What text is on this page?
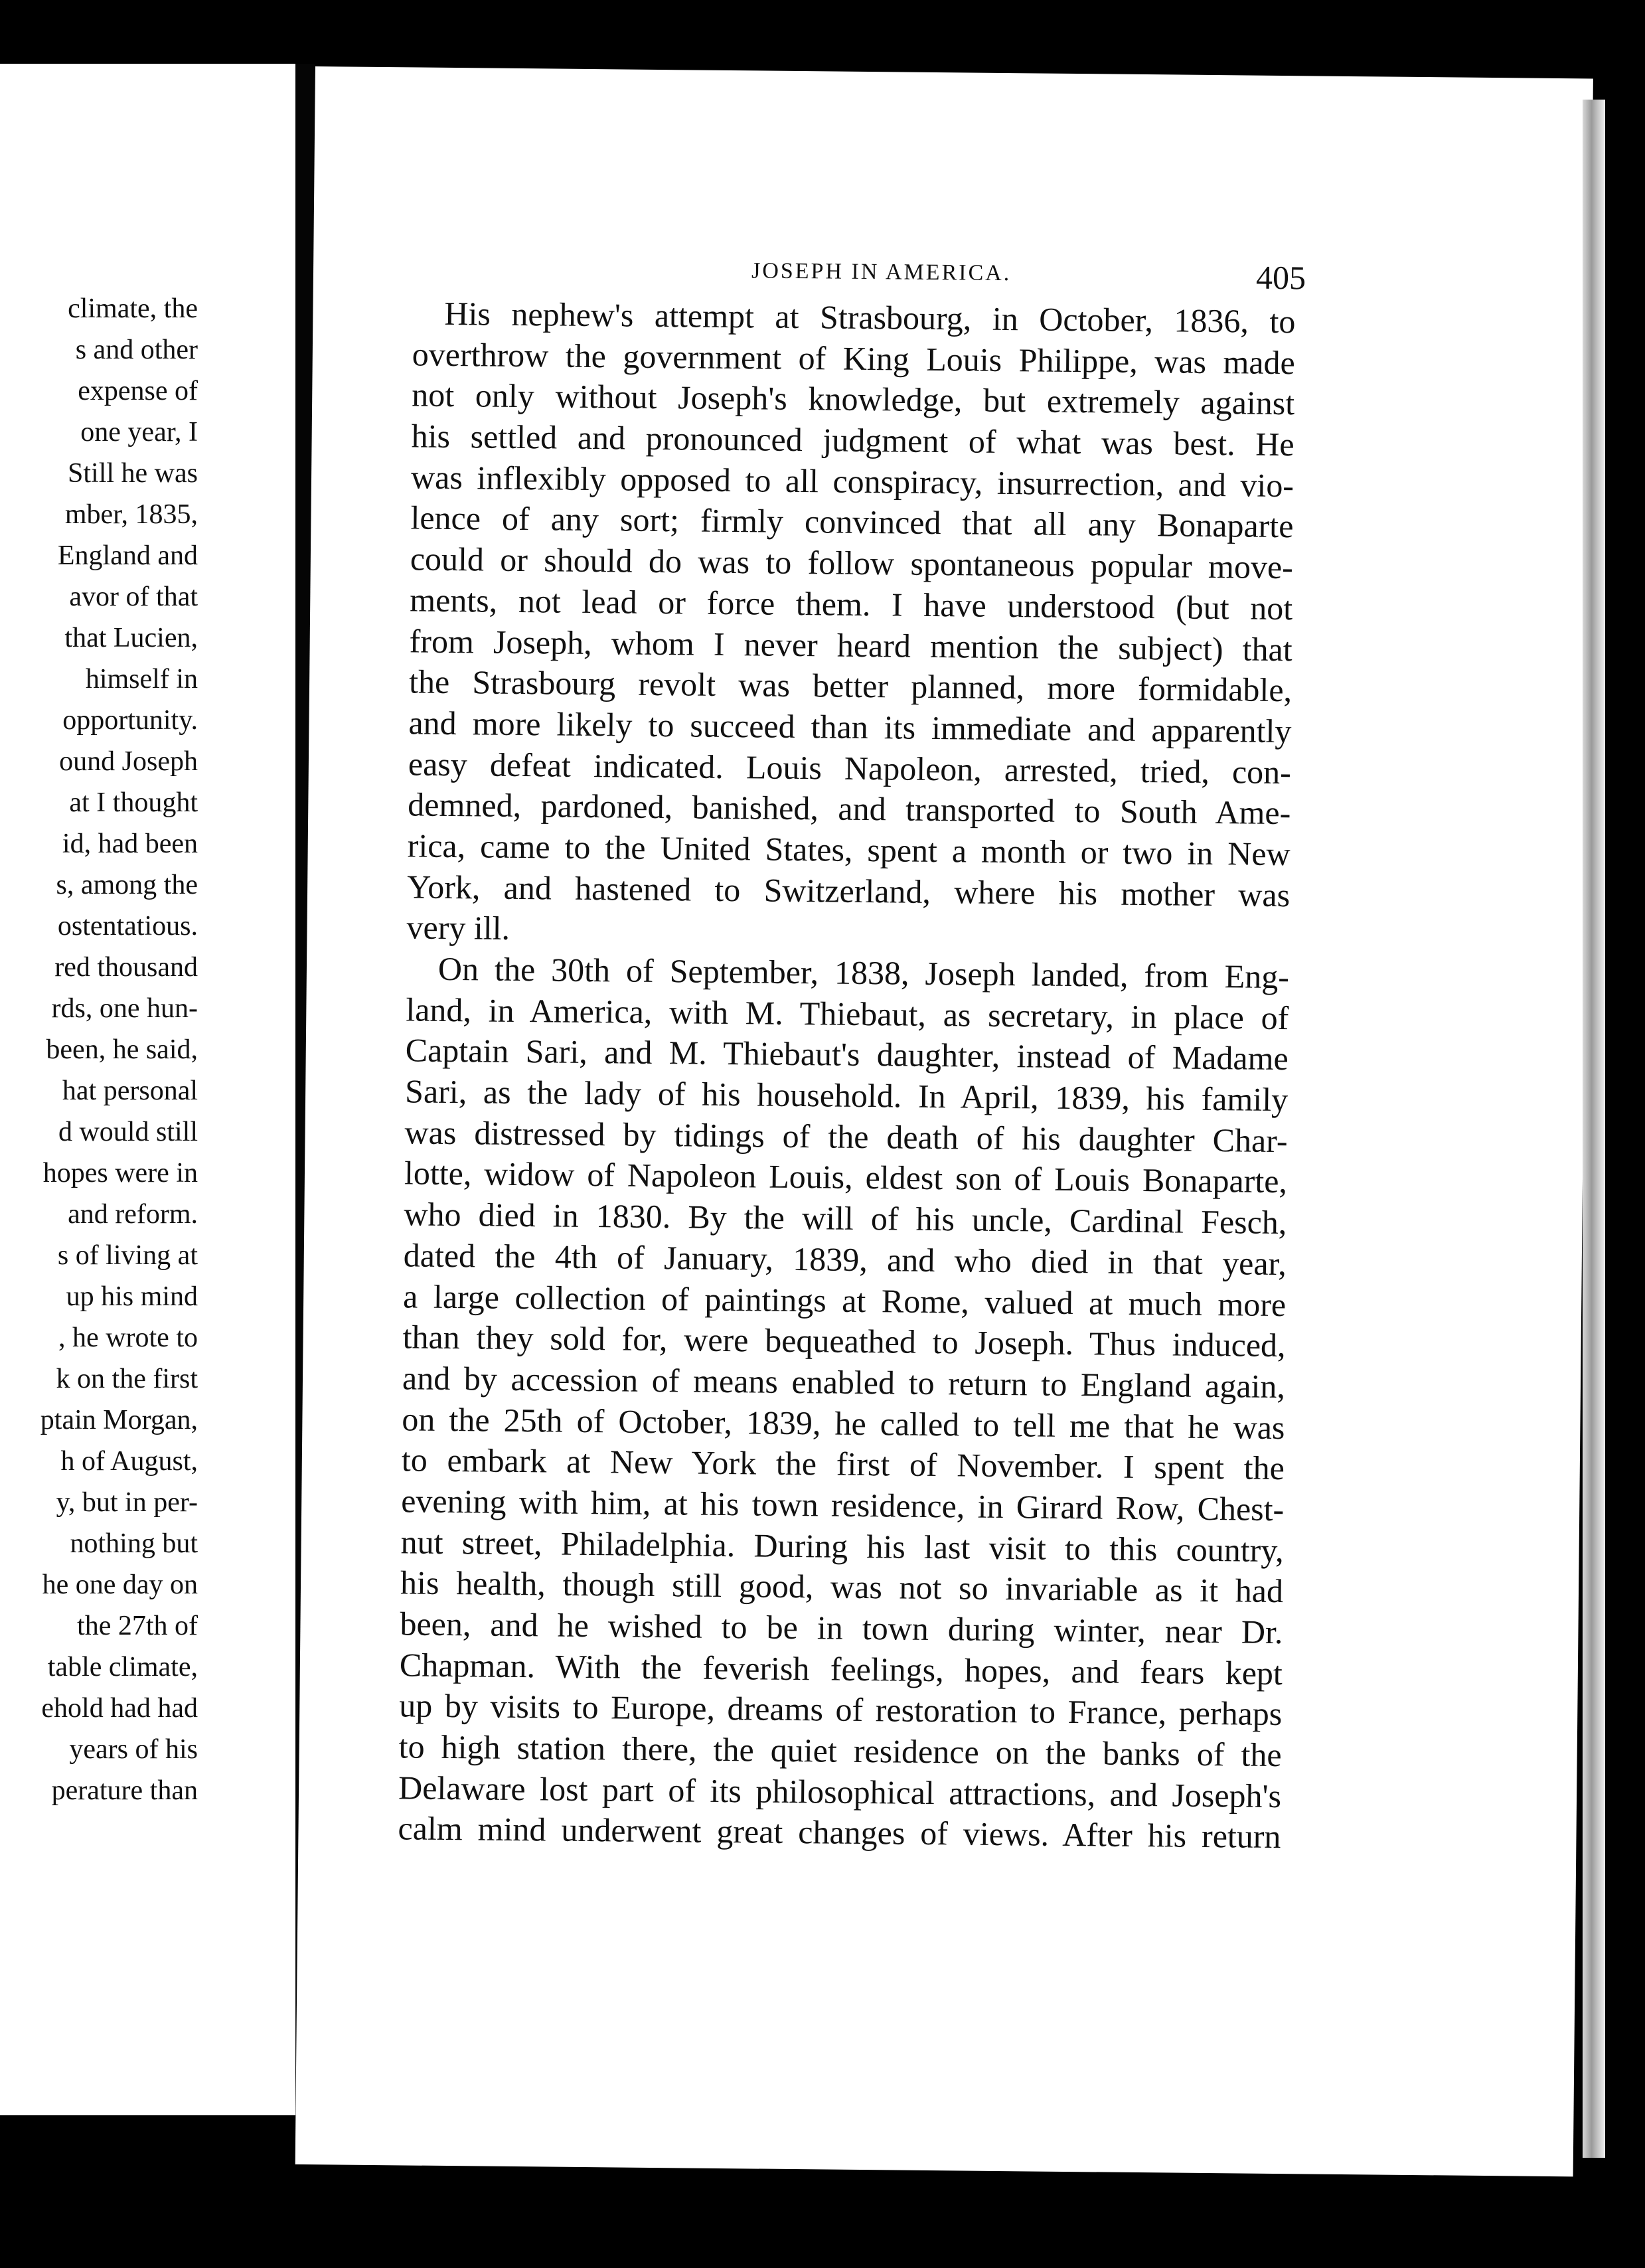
climate, the
s and other
expense of
one year, I
Still he was
mber, 1835,
England and
avor of that
that Lucien,
himself in
opportunity.
ound Joseph
at I thought
id, had been
s, among the
ostentatious.
red thousand
rds, one hun-
been, he said,
hat personal
d would still
hopes were in
and reform.
s of living at
up his mind
, he wrote to
k on the first
ptain Morgan,
h of August,
y, but in per-
nothing but
he one day on
the 27th of
table climate,
ehold had had
years of his
perature than
JOSEPH IN AMERICA.	405
His nephew's attempt at Strasbourg, in October, 1836, to
overthrow the government of King Louis Philippe, was made
not only without Joseph's knowledge, but extremely against
his settled and pronounced judgment of what was best. He
was inflexibly opposed to all conspiracy, insurrection, and vio-
lence of any sort; firmly convinced that all any Bonaparte
could or should do was to follow spontaneous popular move-
ments, not lead or force them. I have understood (but not
from Joseph, whom I never heard mention the subject) that
the Strasbourg revolt was better planned, more formidable,
and more likely to succeed than its immediate and apparently
easy defeat indicated. Louis Napoleon, arrested, tried, con-
demned, pardoned, banished, and transported to South Ame-
rica, came to the United States, spent a month or two in New
York, and hastened to Switzerland, where his mother was
very ill.
On the 30th of September, 1838, Joseph landed, from Eng-
land, in America, with M. Thiebaut, as secretary, in place of
Captain Sari, and M. Thiebaut's daughter, instead of Madame
Sari, as the lady of his household. In April, 1839, his family
was distressed by tidings of the death of his daughter Char-
lotte, widow of Napoleon Louis, eldest son of Louis Bonaparte,
who died in 1830. By the will of his uncle, Cardinal Fesch,
dated the 4th of January, 1839, and who died in that year,
a large collection of paintings at Rome, valued at much more
than they sold for, were bequeathed to Joseph. Thus induced,
and by accession of means enabled to return to England again,
on the 25th of October, 1839, he called to tell me that he was
to embark at New York the first of November. I spent the
evening with him, at his town residence, in Girard Row, Chest-
nut street, Philadelphia. During his last visit to this country,
his health, though still good, was not so invariable as it had
been, and he wished to be in town during winter, near Dr.
Chapman. With the feverish feelings, hopes, and fears kept
up by visits to Europe, dreams of restoration to France, perhaps
to high station there, the quiet residence on the banks of the
Delaware lost part of its philosophical attractions, and Joseph's
calm mind underwent great changes of views. After his return
